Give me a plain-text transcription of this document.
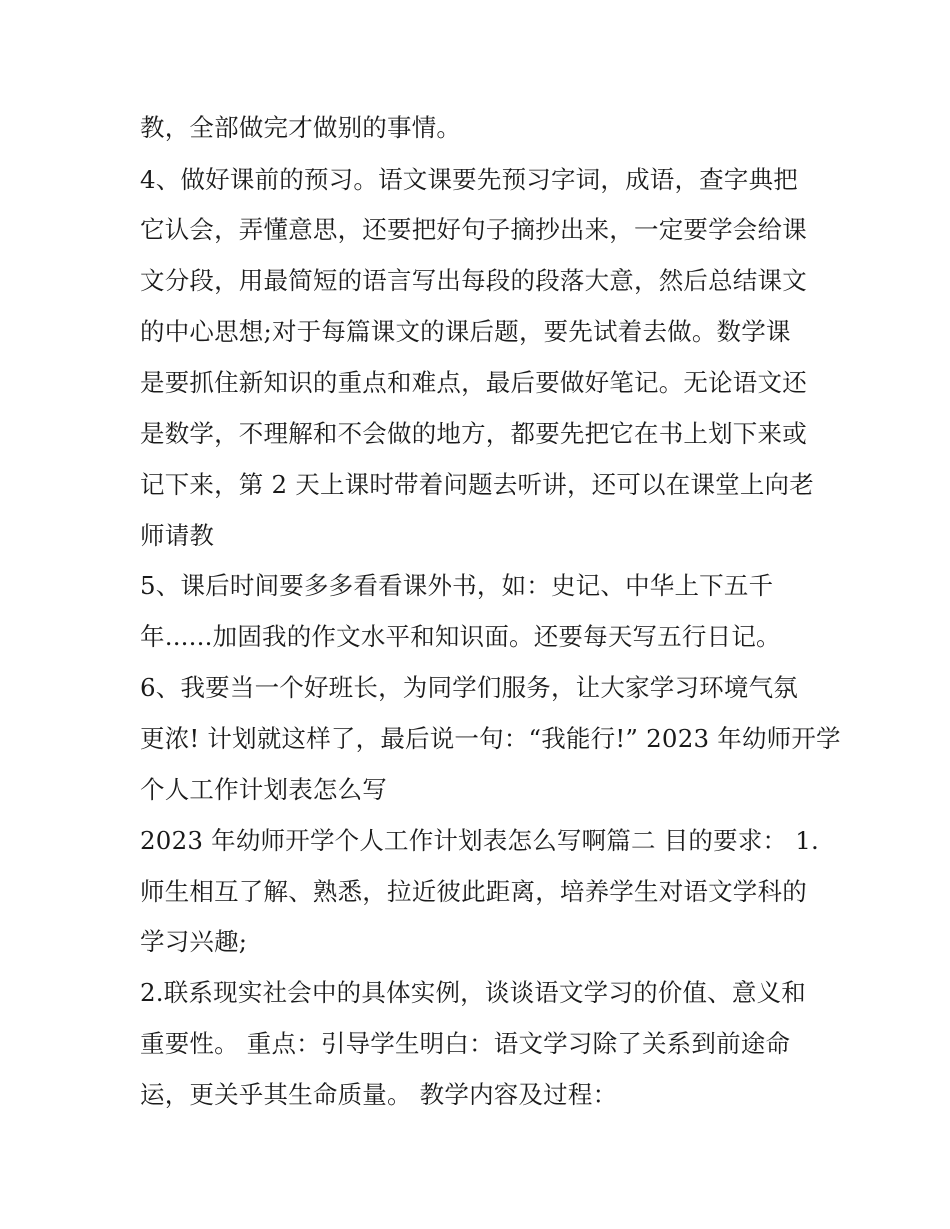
教，全部做完才做别的事情。
4、做好课前的预习。语文课要先预习字词，成语，查字典把
它认会，弄懂意思，还要把好句子摘抄出来，一定要学会给课
文分段，用最简短的语言写出每段的段落大意，然后总结课文
的中心思想;对于每篇课文的课后题，要先试着去做。数学课
是要抓住新知识的重点和难点，最后要做好笔记。无论语文还
是数学，不理解和不会做的地方，都要先把它在书上划下来或
记下来，第 2 天上课时带着问题去听讲，还可以在课堂上向老
师请教
5、课后时间要多多看看课外书，如：史记、中华上下五千
年......加固我的作文水平和知识面。还要每天写五行日记。
6、我要当一个好班长，为同学们服务，让大家学习环境气氛
更浓! 计划就这样了，最后说一句：“我能行!” 2023 年幼师开学
个人工作计划表怎么写
2023 年幼师开学个人工作计划表怎么写啊篇二 目的要求： 1.
师生相互了解、熟悉，拉近彼此距离，培养学生对语文学科的
学习兴趣;
2.联系现实社会中的具体实例，谈谈语文学习的价值、意义和
重要性。 重点：引导学生明白：语文学习除了关系到前途命
运，更关乎其生命质量。 教学内容及过程：
